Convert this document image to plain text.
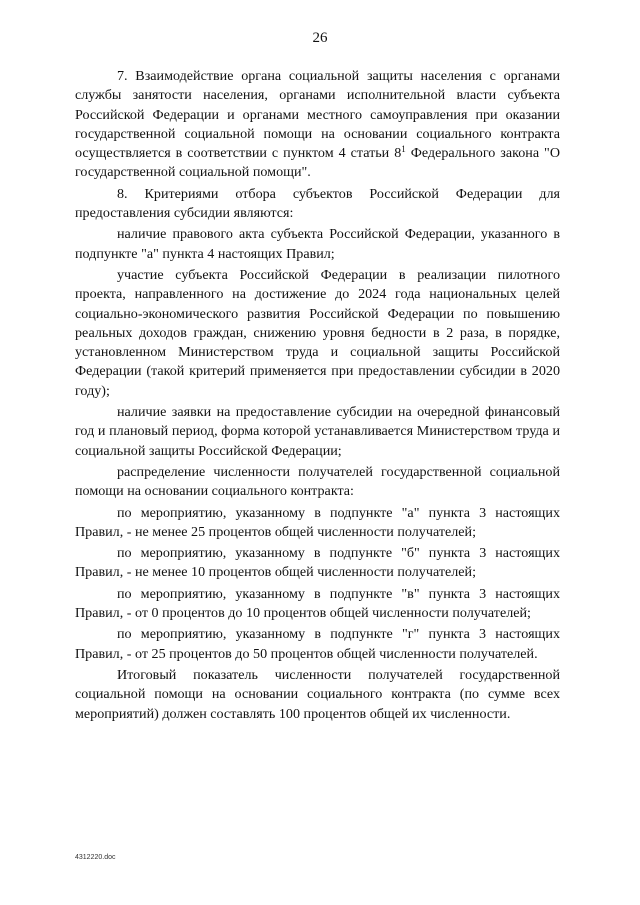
26

7. Взаимодействие органа социальной защиты населения с органами службы занятости населения, органами исполнительной власти субъекта Российской Федерации и органами местного самоуправления при оказании государственной социальной помощи на основании социального контракта осуществляется в соответствии с пунктом 4 статьи $8^1$ Федерального закона "О государственной социальной помощи".

8. Критериями отбора субъектов Российской Федерации для предоставления субсидии являются:

наличие правового акта субъекта Российской Федерации, указанного в подпункте "а" пункта 4 настоящих Правил;

участие субъекта Российской Федерации в реализации пилотного проекта, направленного на достижение до 2024 года национальных целей социально-экономического развития Российской Федерации по повышению реальных доходов граждан, снижению уровня бедности в 2 раза, в порядке, установленном Министерством труда и социальной защиты Российской Федерации (такой критерий применяется при предоставлении субсидии в 2020 году);

наличие заявки на предоставление субсидии на очередной финансовый год и плановый период, форма которой устанавливается Министерством труда и социальной защиты Российской Федерации;

распределение численности получателей государственной социальной помощи на основании социального контракта:

по мероприятию, указанному в подпункте "а" пункта 3 настоящих Правил, - не менее 25 процентов общей численности получателей;

по мероприятию, указанному в подпункте "б" пункта 3 настоящих Правил, - не менее 10 процентов общей численности получателей;

по мероприятию, указанному в подпункте "в" пункта 3 настоящих Правил, - от 0 процентов до 10 процентов общей численности получателей;

по мероприятию, указанному в подпункте "г" пункта 3 настоящих Правил, - от 25 процентов до 50 процентов общей численности получателей.

Итоговый показатель численности получателей государственной социальной помощи на основании социального контракта (по сумме всех мероприятий) должен составлять 100 процентов общей их численности.

4312220.doc
